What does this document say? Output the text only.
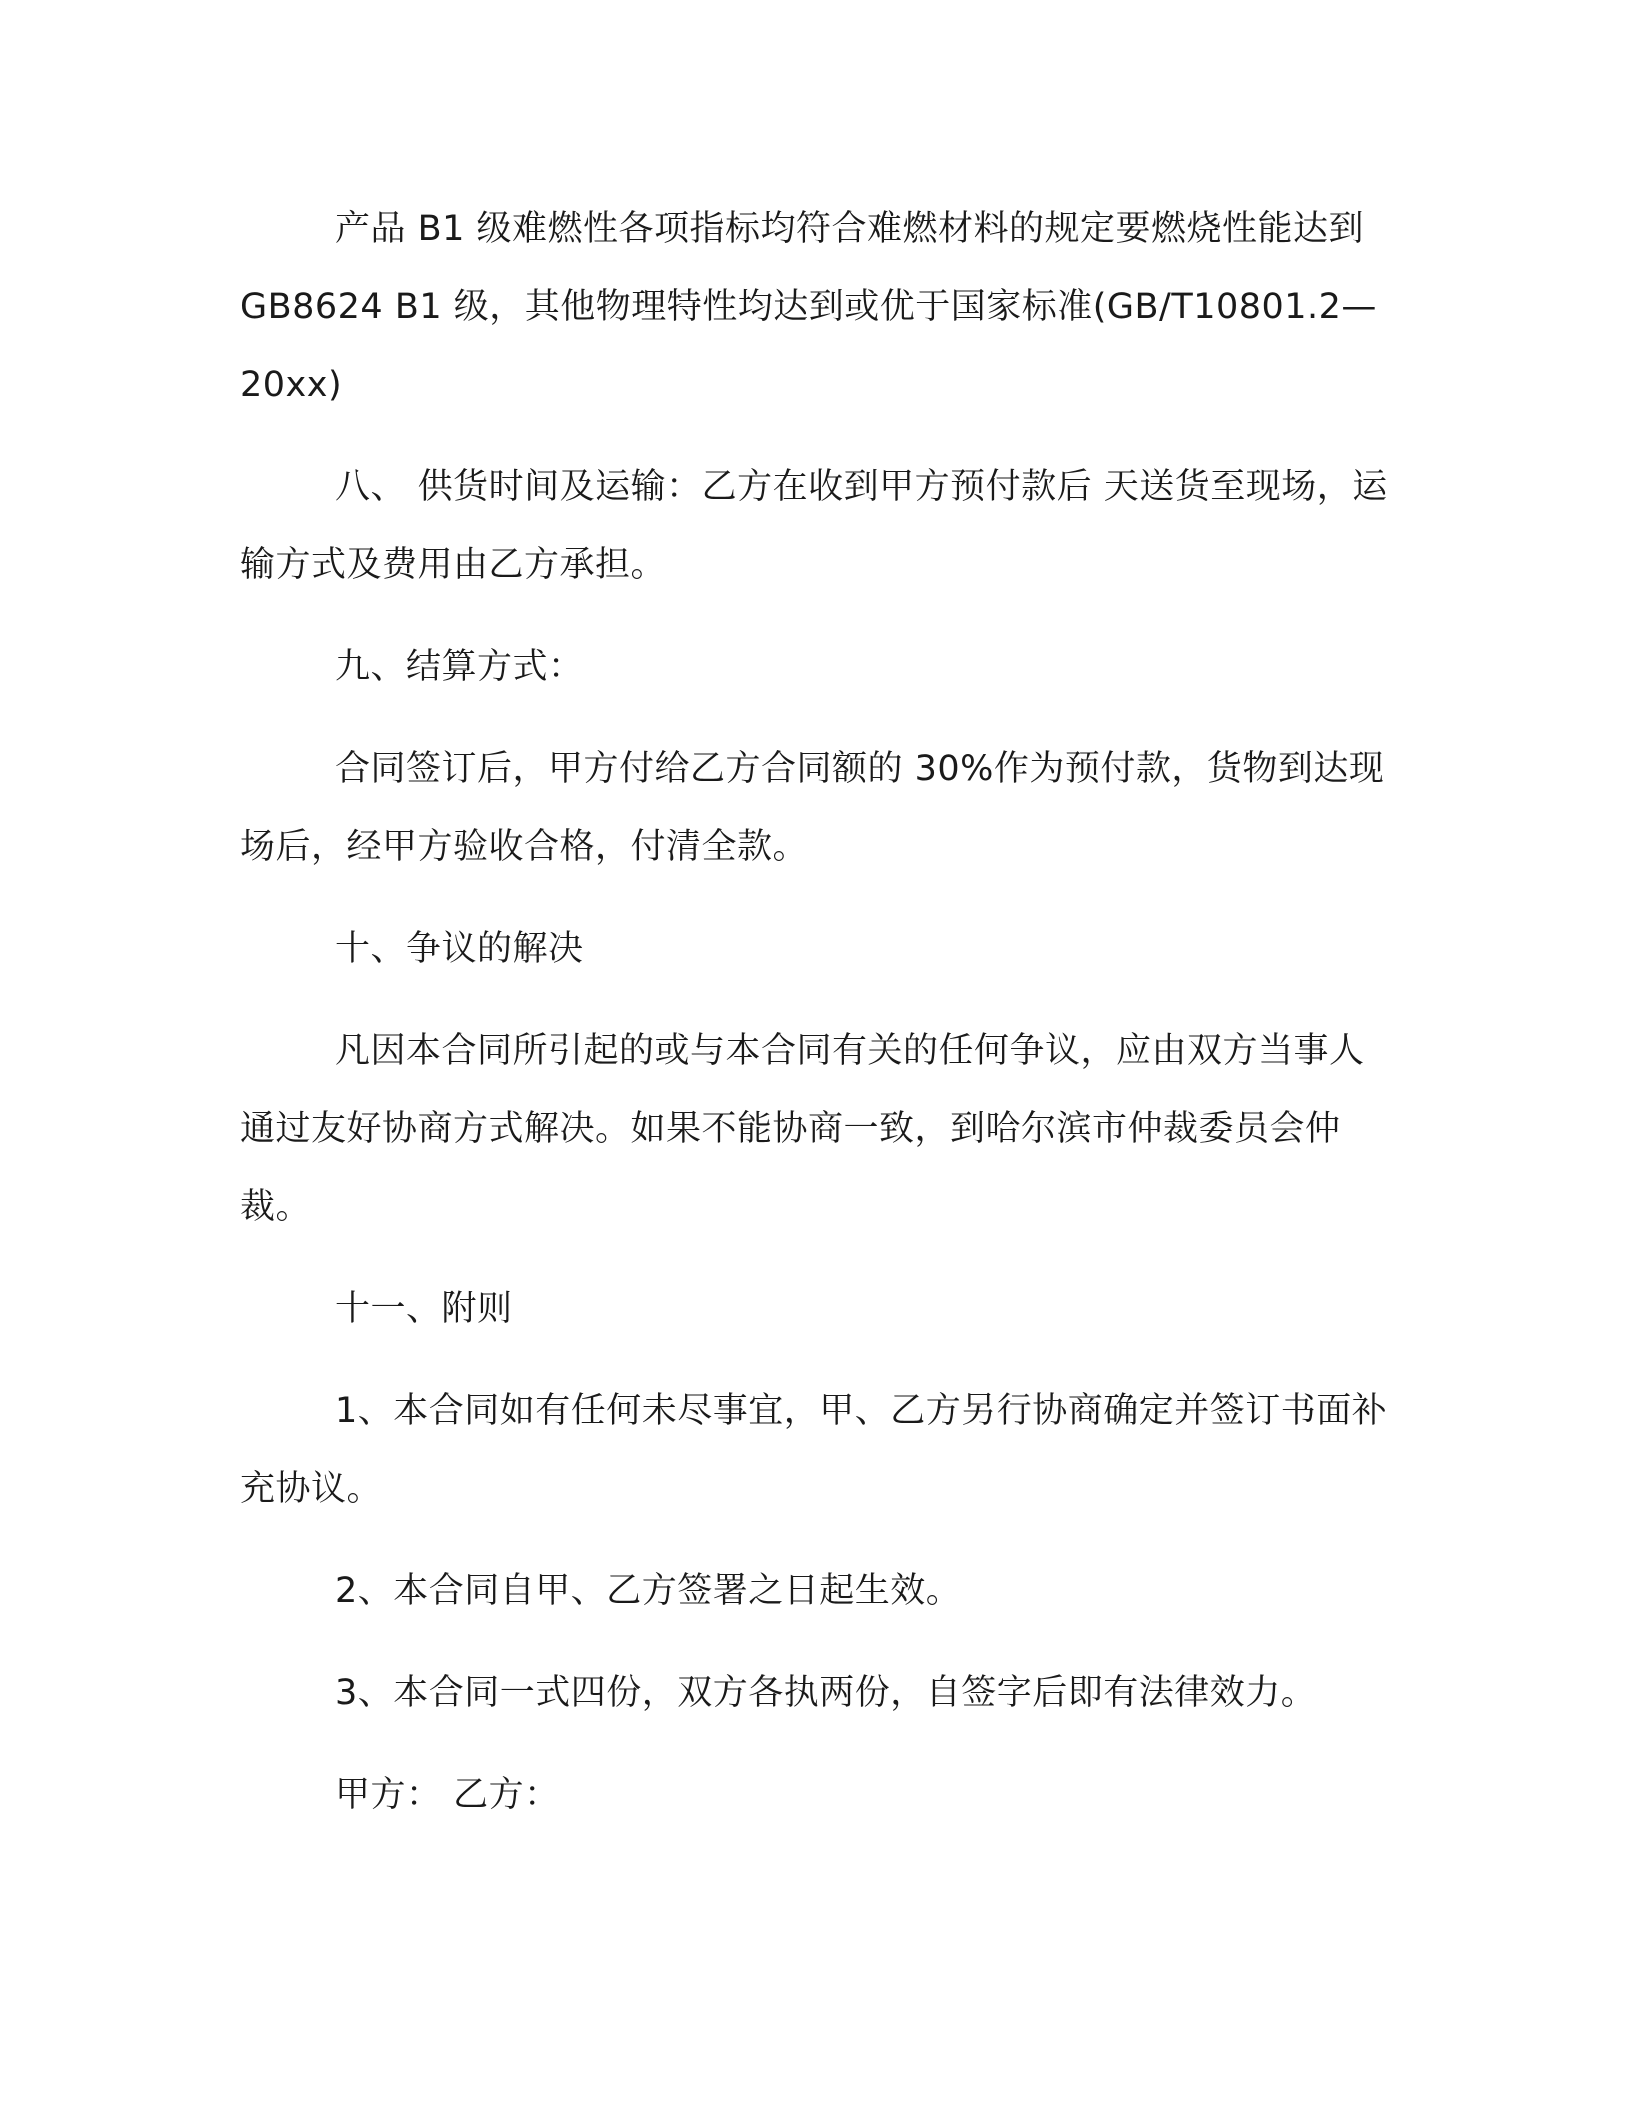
产品 B1 级难燃性各项指标均符合难燃材料的规定要燃烧性能达到 GB8624 B1 级，其他物理特性均达到或优于国家标准(GB/T10801.2—20xx)

八、 供货时间及运输：乙方在收到甲方预付款后 天送货至现场，运输方式及费用由乙方承担。

九、结算方式：

合同签订后，甲方付给乙方合同额的 30%作为预付款，货物到达现场后，经甲方验收合格，付清全款。

十、争议的解决

凡因本合同所引起的或与本合同有关的任何争议，应由双方当事人通过友好协商方式解决。如果不能协商一致，到哈尔滨市仲裁委员会仲裁。

十一、附则

1、本合同如有任何未尽事宜，甲、乙方另行协商确定并签订书面补充协议。

2、本合同自甲、乙方签署之日起生效。

3、本合同一式四份，双方各执两份，自签字后即有法律效力。

甲方： 乙方：
